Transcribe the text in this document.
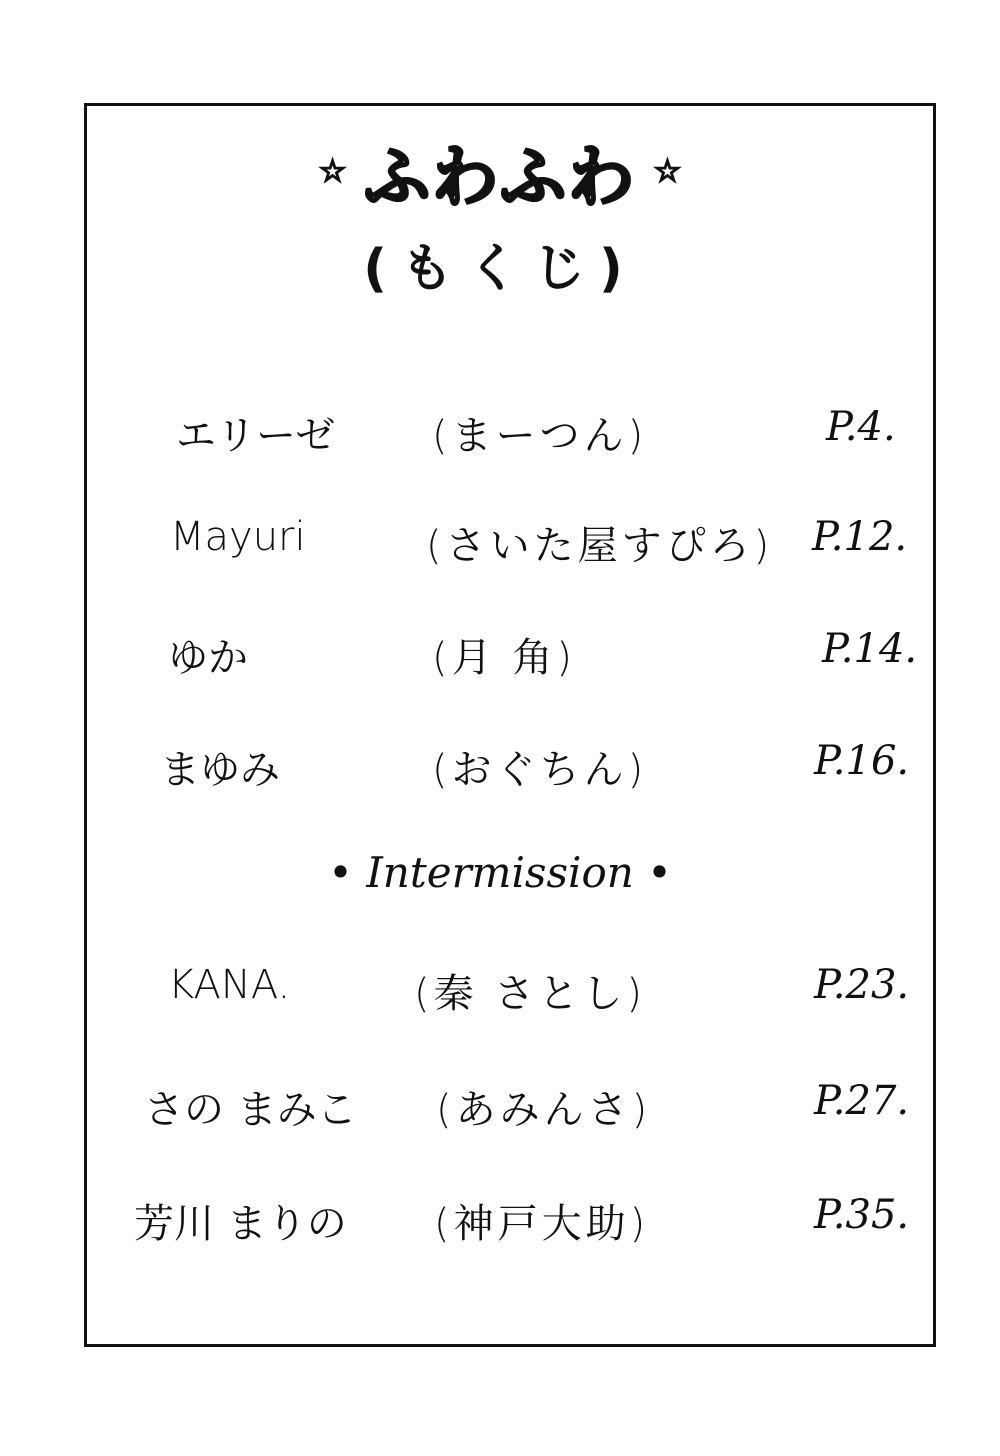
☆ ふわふわ ☆
(もくじ)
エリーゼ (まーつん)	P.4.
Mayuri	(さいた屋すぴろ) P.12.
ゆか	(月 角)	P.14.
まゆみ	(おぐちん)	P.16.
• Intermission •
KANA.	(秦 さとし)	P.23.
さの まみこ (あみんさ)	P.27.
芳川 まりの (神戸大助)	P.35.
